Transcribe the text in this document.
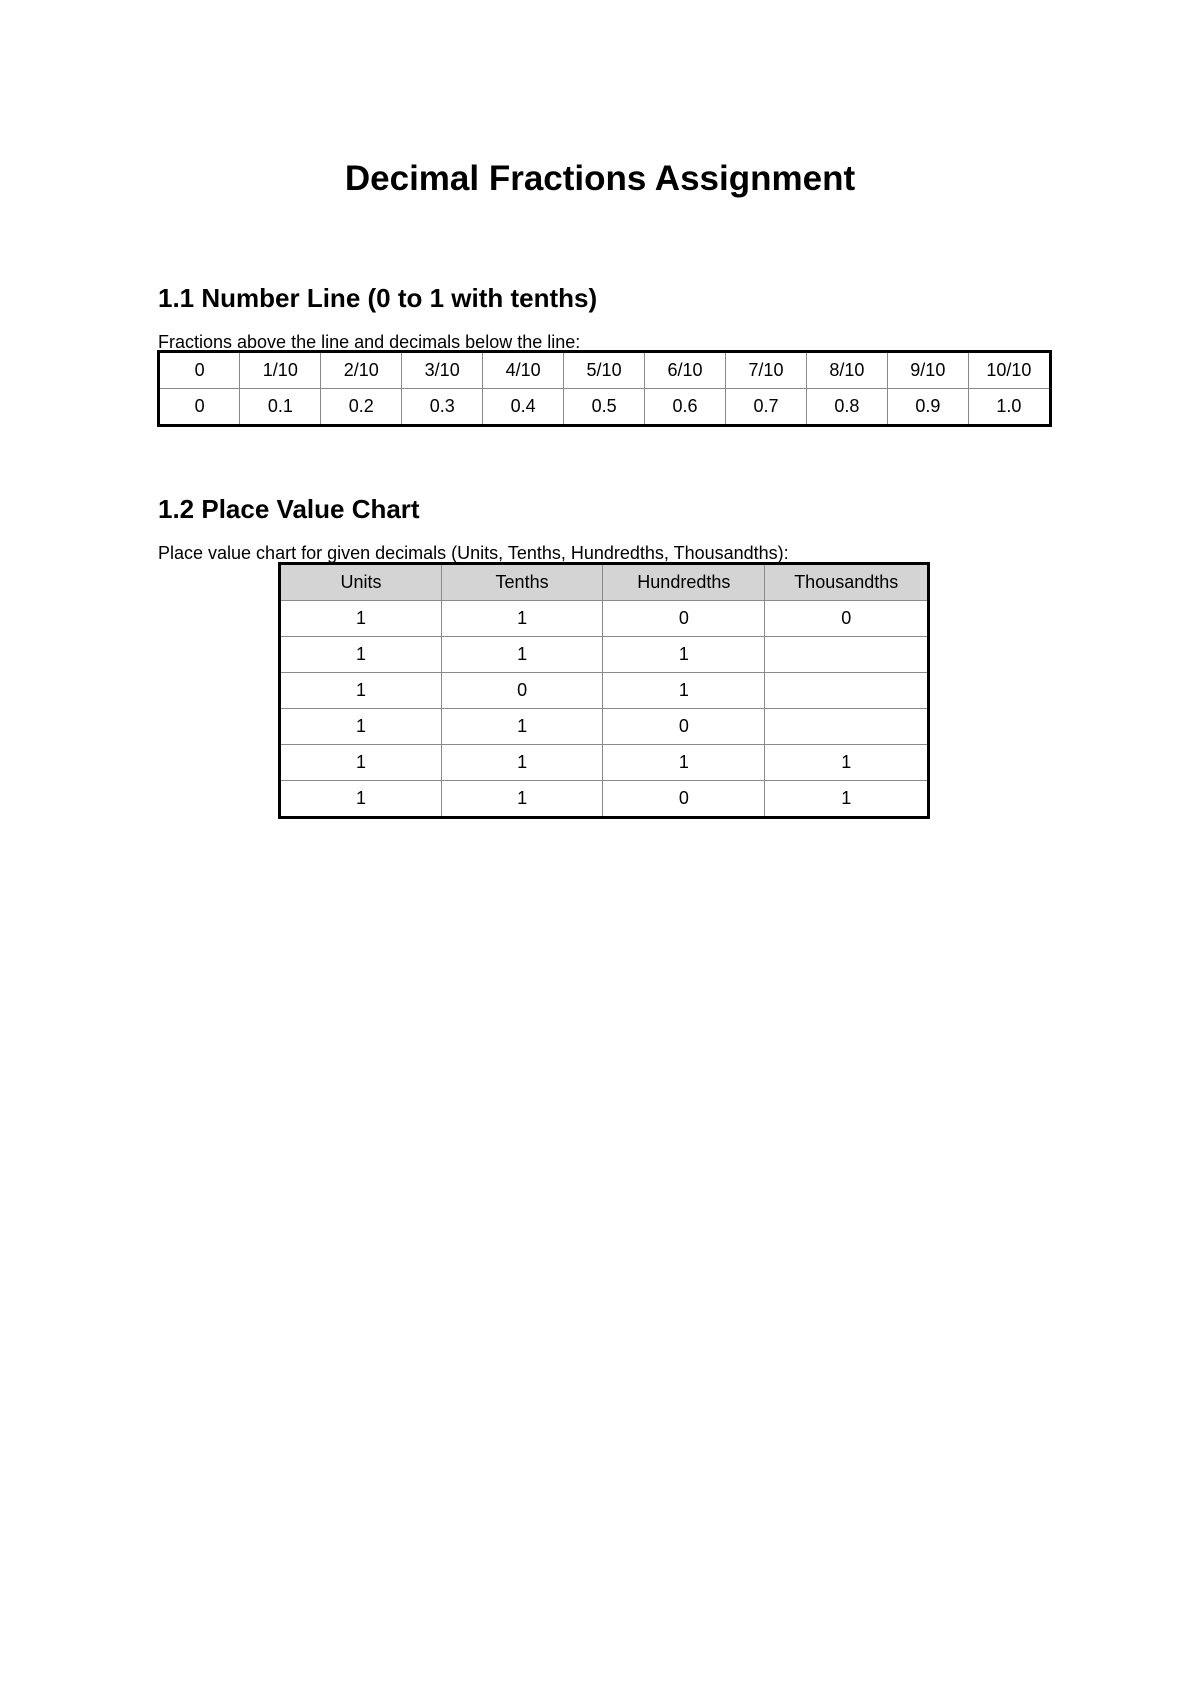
Decimal Fractions Assignment
1.1 Number Line (0 to 1 with tenths)

Fractions above the line and decimals below the line:

0	1/10	2/10	3/10	4/10	5/10	6/10	7/10	8/10	9/10	10/10
0	0.1	0.2	0.3	0.4	0.5	0.6	0.7	0.8	0.9	1.0
1.2 Place Value Chart

Place value chart for given decimals (Units, Tenths, Hundredths, Thousandths):

Units	Tenths	Hundredths	Thousandths
1	1	0	0
1	1	1	
1	0	1	
1	1	0	
1	1	1	1
1	1	0	1
